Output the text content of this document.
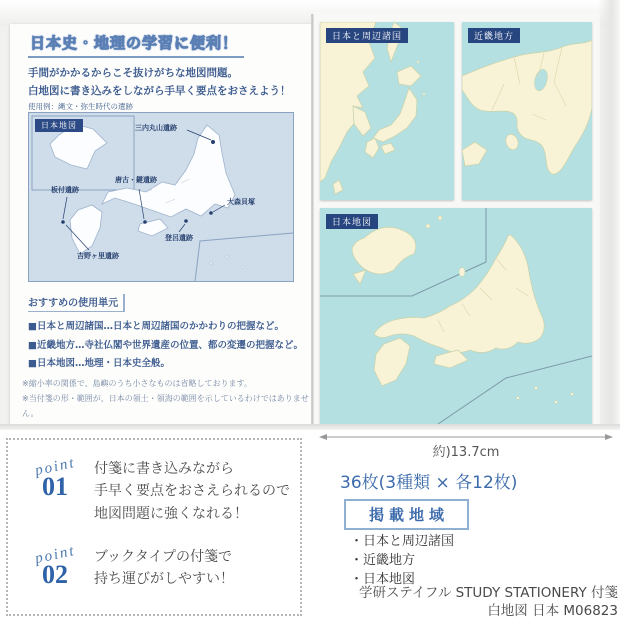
日本史・地理の学習に便利！
手間がかかるからこそ抜けがちな地図問題。
白地図に書き込みをしながら手早く要点をおさえよう！
使用例：縄文・弥生時代の遺跡
日本地図	三内丸山遺跡
唐古・鍵遺跡
板付遺跡
大森貝塚
登呂遺跡
吉野ヶ里遺跡
おすすめの使用単元
■日本と周辺諸国…日本と周辺諸国のかかわりの把握など。
■近畿地方…寺社仏閣や世界遺産の位置、都の変遷の把握など。
■日本地図…地理・日本史全般。
※縮小率の関係で、島嶼のうち小さなものは省略しております。
※当付箋の形・範囲が、日本の領土・領海の範囲を示しているわけではありません。
日本と周辺諸国	近畿地方
日本地図
point
01
付箋に書き込みながら
手早く要点をおさえられるので
地図問題に強くなれる！
point
02
ブックタイプの付箋で
持ち運びがしやすい！
約)13.7cm
36枚(3種類 × 各12枚)
掲載地域
・日本と周辺諸国
・近畿地方
・日本地図
学研ステイフル STUDY STATIONERY 付箋
白地図 日本 M06823
